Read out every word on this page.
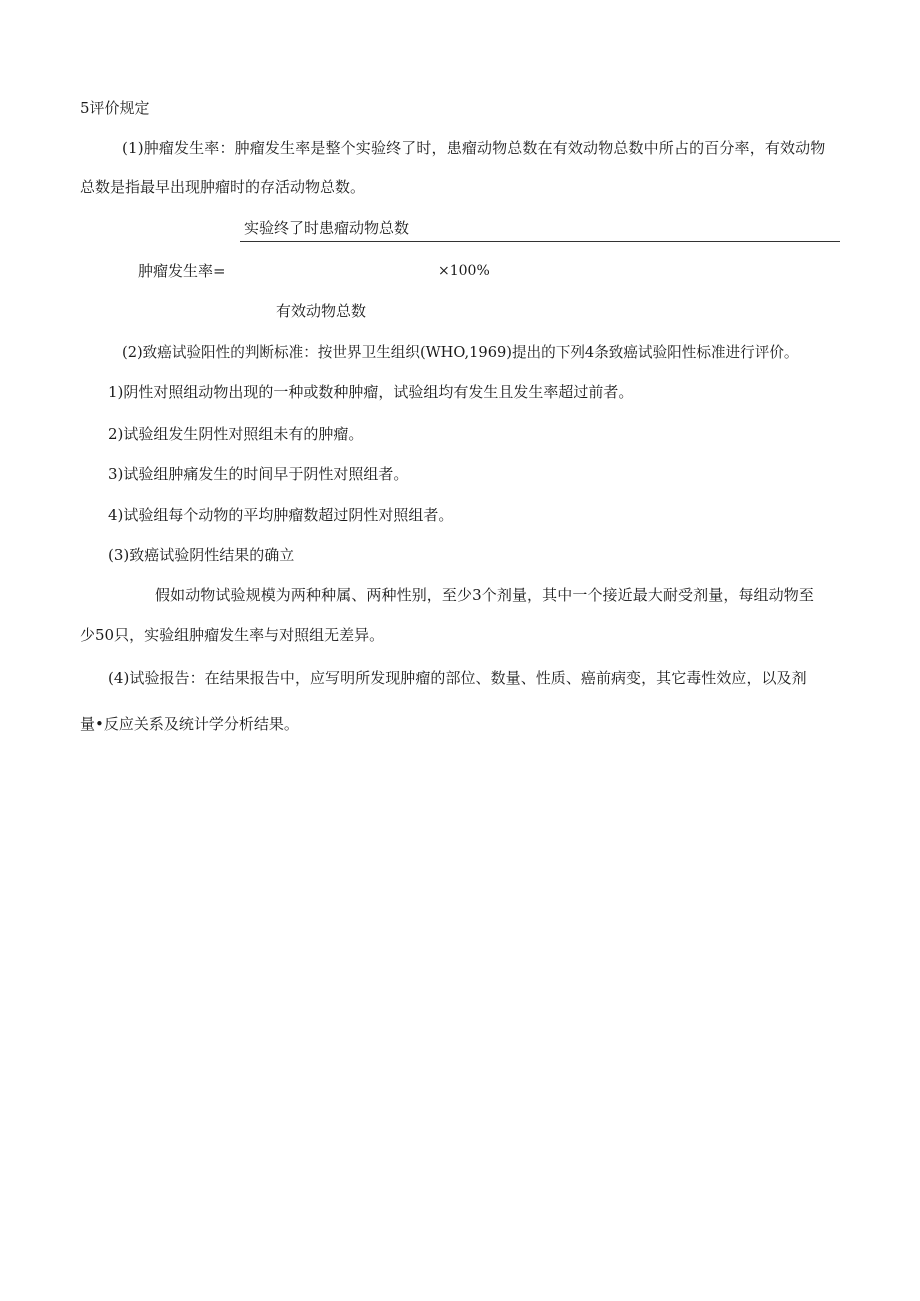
5评价规定
(1)肿瘤发生率：肿瘤发生率是整个实验终了时，患瘤动物总数在有效动物总数中所占的百分率，有效动物
总数是指最早出现肿瘤时的存活动物总数。
实验终了时患瘤动物总数
肿瘤发生率=	×100%
有效动物总数
(2)致癌试验阳性的判断标准：按世界卫生组织(WHO,1969)提出的下列4条致癌试验阳性标准进行评价。
1)阴性对照组动物出现的一种或数种肿瘤，试验组均有发生且发生率超过前者。
2)试验组发生阴性对照组未有的肿瘤。
3)试验组肿痛发生的时间早于阴性对照组者。
4)试验组每个动物的平均肿瘤数超过阴性对照组者。
(3)致癌试验阴性结果的确立
假如动物试验规模为两种种属、两种性别，至少3个剂量，其中一个接近最大耐受剂量，每组动物至
少50只，实验组肿瘤发生率与对照组无差异。
(4)试验报告：在结果报告中，应写明所发现肿瘤的部位、数量、性质、癌前病变，其它毒性效应，以及剂
量•反应关系及统计学分析结果。
